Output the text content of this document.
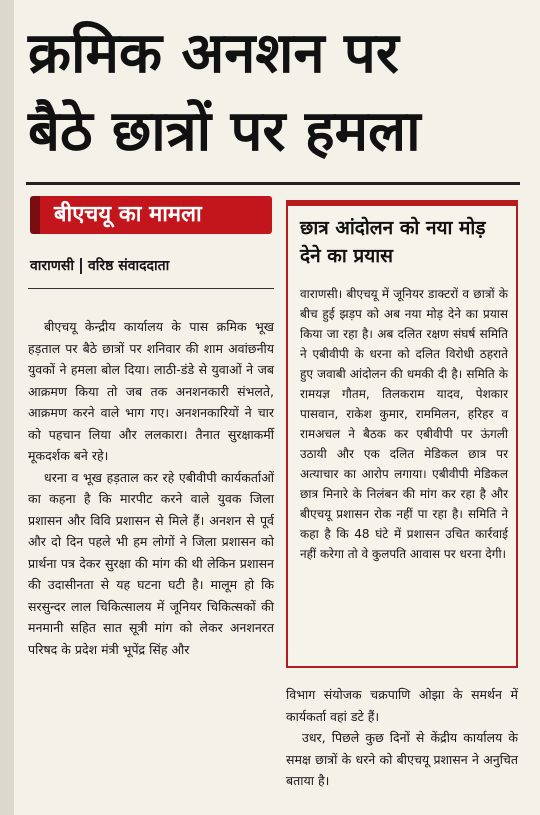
क्रमिक अनशन पर
बैठे छात्रों पर हमला
बीएचयू का मामला
वाराणसी वरिष्ठ संवाददाता

बीएचयू केन्द्रीय कार्यालय के पास क्रमिक भूख हड़ताल पर बैठे छात्रों पर शनिवार की शाम अवांछनीय युवकों ने हमला बोल दिया। लाठी-डंडे से युवाओं ने जब आक्रमण किया तो जब तक अनशनकारी संभलते, आक्रमण करने वाले भाग गए। अनशनकारियों ने चार को पहचान लिया और ललकारा। तैनात सुरक्षाकर्मी मूकदर्शक बने रहे।

धरना व भूख हड़ताल कर रहे एबीवीपी कार्यकर्ताओं का कहना है कि मारपीट करने वाले युवक जिला प्रशासन और विवि प्रशासन से मिले हैं। अनशन से पूर्व और दो दिन पहले भी हम लोगों ने जिला प्रशासन को प्रार्थना पत्र देकर सुरक्षा की मांग की थी लेकिन प्रशासन की उदासीनता से यह घटना घटी है। मालूम हो कि सरसुन्दर लाल चिकित्सालय में जूनियर चिकित्सकों की मनमानी सहित सात सूत्री मांग को लेकर अनशनरत परिषद के प्रदेश मंत्री भूपेंद्र सिंह और

छात्र आंदोलन को नया मोड़ देने का प्रयास

वाराणसी। बीएचयू में जूनियर डाक्टरों व छात्रों के बीच हुई झड़प को अब नया मोड़ देने का प्रयास किया जा रहा है। अब दलित रक्षण संघर्ष समिति ने एबीवीपी के धरना को दलित विरोधी ठहराते हुए जवाबी आंदोलन की धमकी दी है। समिति के रामयज्ञ गौतम, तिलकराम यादव, पेशकार पासवान, राकेश कुमार, राममिलन, हरिहर व रामअचल ने बैठक कर एबीवीपी पर ऊंगली उठायी और एक दलित मेडिकल छात्र पर अत्याचार का आरोप लगाया। एबीवीपी मेडिकल छात्र मिनारे के निलंबन की मांग कर रहा है और बीएचयू प्रशासन रोक नहीं पा रहा है। समिति ने कहा है कि 48 घंटे में प्रशासन उचित कार्रवाई नहीं करेगा तो वे कुलपति आवास पर धरना देगी।

विभाग संयोजक चक्रपाणि ओझा के समर्थन में कार्यकर्ता वहां डटे हैं।

उधर, पिछले कुछ दिनों से केंद्रीय कार्यालय के समक्ष छात्रों के धरने को बीएचयू प्रशासन ने अनुचित बताया है।
